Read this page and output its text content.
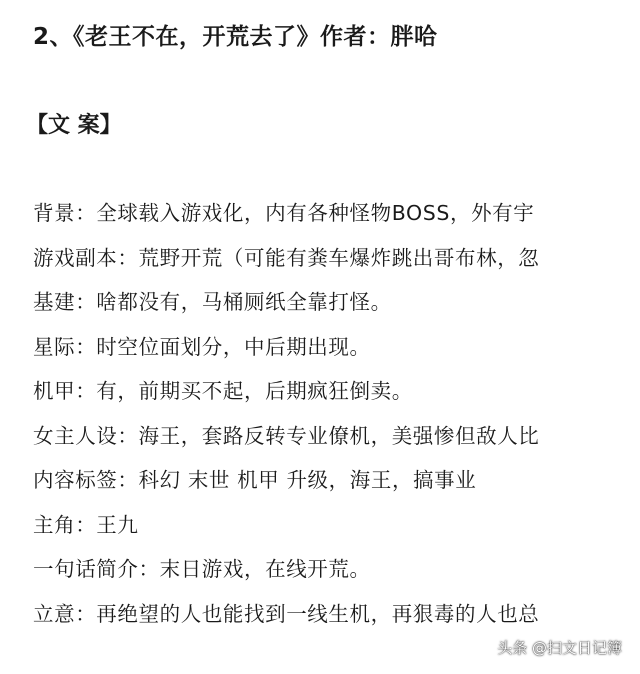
2、《老王不在，开荒去了》作者：胖哈
【文 案】
背景：全球载入游戏化，内有各种怪物BOSS，外有宇
游戏副本：荒野开荒（可能有粪车爆炸跳出哥布林，忽
基建：啥都没有，马桶厕纸全靠打怪。
星际：时空位面划分，中后期出现。
机甲：有，前期买不起，后期疯狂倒卖。
女主人设：海王，套路反转专业僚机，美强惨但敌人比
内容标签：科幻 末世 机甲 升级，海王，搞事业
主角：王九
一句话简介：末日游戏，在线开荒。
立意：再绝望的人也能找到一线生机，再狠毒的人也总
头条 @扫文日记簿
